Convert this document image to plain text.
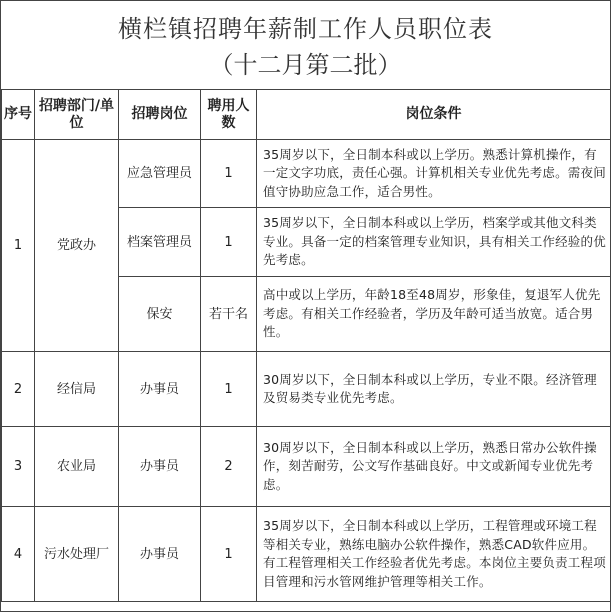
横栏镇招聘年薪制工作人员职位表
（十二月第二批）
序号	招聘部门/单位	招聘岗位	聘用人数	岗位条件
1	党政办	应急管理员	1	35周岁以下，全日制本科或以上学历。熟悉计算机操作，有一定文字功底，责任心强。计算机相关专业优先考虑。需夜间值守协助应急工作，适合男性。
		档案管理员	1	35周岁以下，全日制本科或以上学历，档案学或其他文科类专业。具备一定的档案管理专业知识，具有相关工作经验的优先考虑。
		保安	若干名	高中或以上学历，年龄18至48周岁，形象佳，复退军人优先考虑。有相关工作经验者，学历及年龄可适当放宽。适合男性。
2	经信局	办事员	1	30周岁以下，全日制本科或以上学历，专业不限。经济管理及贸易类专业优先考虑。
3	农业局	办事员	2	30周岁以下，全日制本科或以上学历，熟悉日常办公软件操作，刻苦耐劳，公文写作基础良好。中文或新闻专业优先考虑。
4	污水处理厂	办事员	1	35周岁以下，全日制本科或以上学历，工程管理或环境工程等相关专业，熟练电脑办公软件操作，熟悉CAD软件应用。有工程管理相关工作经验者优先考虑。本岗位主要负责工程项目管理和污水管网维护管理等相关工作。
